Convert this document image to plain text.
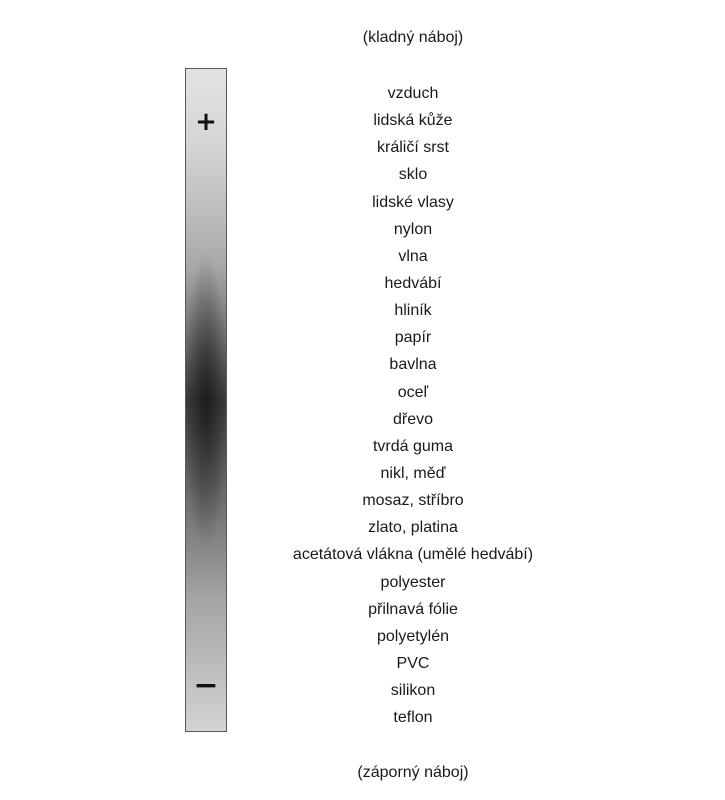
(kladný náboj)
+
−
vzduch
lidská kůže
králičí srst
sklo
lidské vlasy
nylon
vlna
hedvábí
hliník
papír
bavlna
oceľ
dřevo
tvrdá guma
nikl, měď
mosaz, stříbro
zlato, platina
acetátová vlákna (umělé hedvábí)
polyester
přilnavá fólie
polyetylén
PVC
silikon
teflon
(záporný náboj)
